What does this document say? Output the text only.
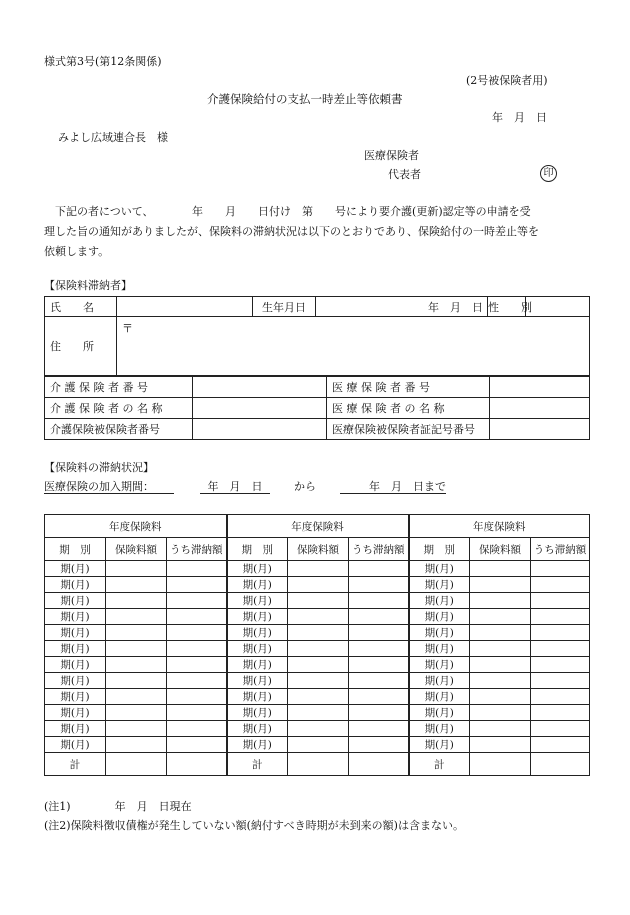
様式第3号(第12条関係)
(2号被保険者用)
介護保険給付の支払一時差止等依頼書
年　月　日
みよし広域連合長　様
医療保険者
代表者	印
下記の者について、　　　　年　　月　　日付け　第　　号により要介護(更新)認定等の申請を受
理した旨の通知がありましたが、保険料の滞納状況は以下のとおりであり、保険給付の一時差止等を
依頼します。
【保険料滞納者】
氏　　名		生年月日	年　月　日	性　　別	
住　　所	〒				
介 護 保 険 者 番 号		医 療 保 険 者 番 号	
介 護 保 険 者 の 名 称		医 療 保 険 者 の 名 称	
介護保険被保険者番号		医療保険被保険者証記号番号	
【保険料の滞納状況】
医療保険の加入期間：	年　月　日	から	年　月　日まで
年度保険料			年度保険料			年度保険料		
期　別	保険料額	うち滞納額	期　別	保険料額	うち滞納額	期　別	保険料額	うち滞納額
期(月)			期(月)			期(月)		
期(月)			期(月)			期(月)		
期(月)			期(月)			期(月)		
期(月)			期(月)			期(月)		
期(月)			期(月)			期(月)		
期(月)			期(月)			期(月)		
期(月)			期(月)			期(月)		
期(月)			期(月)			期(月)		
期(月)			期(月)			期(月)		
期(月)			期(月)			期(月)		
期(月)			期(月)			期(月)		
期(月)			期(月)			期(月)		
計			計			計		
(注1)　　　　年　月　日現在
(注2)保険料徴収債権が発生していない額(納付すべき時期が未到来の額)は含まない。
